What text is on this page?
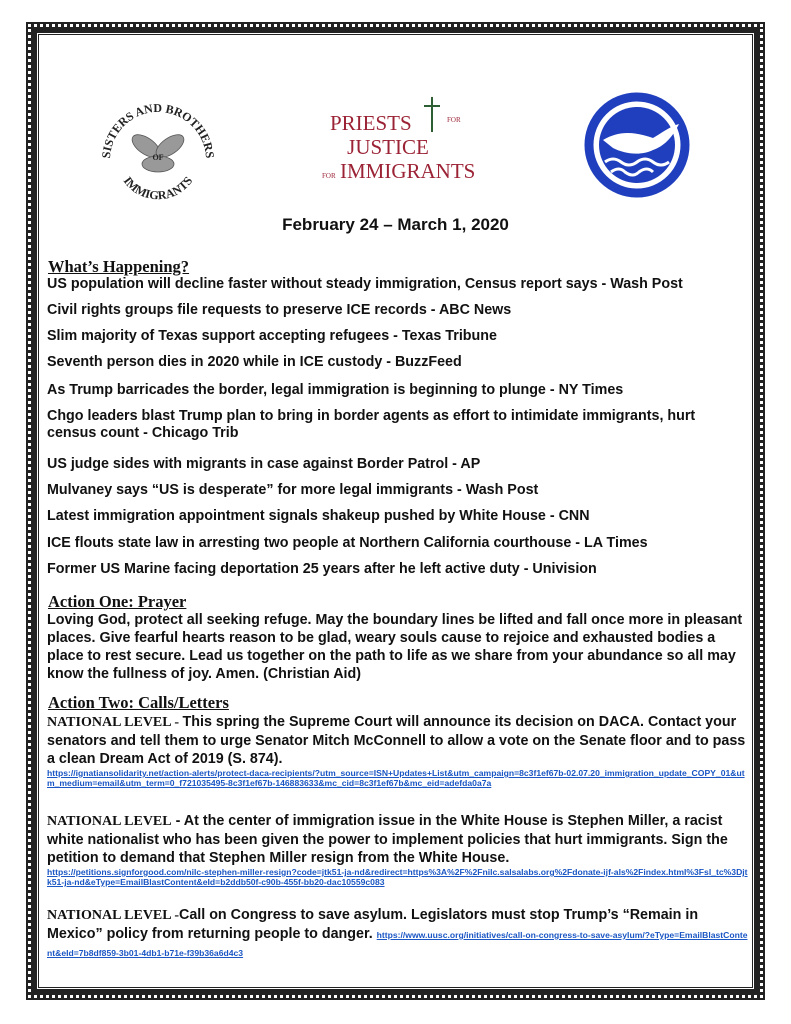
SISTERS AND BROTHERS
IMMIGRANTS
OF
PRIESTS	FOR
JUSTICE
FOR IMMIGRANTS
February 24 – March 1, 2020
What’s Happening?
US population will decline faster without steady immigration, Census report says - Wash Post
Civil rights groups file requests to preserve ICE records - ABC News
Slim majority of Texas support accepting refugees - Texas Tribune
Seventh person dies in 2020 while in ICE custody - BuzzFeed
As Trump barricades the border, legal immigration is beginning to plunge - NY Times
Chgo leaders blast Trump plan to bring in border agents as effort to intimidate immigrants, hurt census count - Chicago Trib
US judge sides with migrants in case against Border Patrol - AP
Mulvaney says “US is desperate” for more legal immigrants - Wash Post
Latest immigration appointment signals shakeup pushed by White House - CNN
ICE flouts state law in arresting two people at Northern California courthouse - LA Times
Former US Marine facing deportation 25 years after he left active duty - Univision
Action One: Prayer
Loving God, protect all seeking refuge. May the boundary lines be lifted and fall once more in pleasant places. Give fearful hearts reason to be glad, weary souls cause to rejoice and exhausted bodies a place to rest secure. Lead us together on the path to life as we share from your abundance so all may know the fullness of joy. Amen. (Christian Aid)
Action Two: Calls/Letters
NATIONAL LEVEL - This spring the Supreme Court will announce its decision on DACA. Contact your senators and tell them to urge Senator Mitch McConnell to allow a vote on the Senate floor and to pass a clean Dream Act of 2019 (S. 874).
https://ignatiansolidarity.net/action-alerts/protect-daca-recipients/?utm_source=ISN+Updates+List&utm_campaign=8c3f1ef67b-02.07.20_immigration_update_COPY_01&utm_medium=email&utm_term=0_f721035495-8c3f1ef67b-146883633&mc_cid=8c3f1ef67b&mc_eid=adefda0a7a
NATIONAL LEVEL - At the center of immigration issue in the White House is Stephen Miller, a racist white nationalist who has been given the power to implement policies that hurt immigrants. Sign the petition to demand that Stephen Miller resign from the White House.
https://petitions.signforgood.com/nilc-stephen-miller-resign?code=jtk51-ja-nd&redirect=https%3A%2F%2Fnilc.salsalabs.org%2Fdonate-ijf-als%2Findex.html%3Fsl_tc%3Djtk51-ja-nd&eType=EmailBlastContent&eId=b2ddb50f-c90b-455f-bb20-dac10559c083
NATIONAL LEVEL -Call on Congress to save asylum. Legislators must stop Trump’s “Remain in Mexico” policy from returning people to danger. https://www.uusc.org/initiatives/call-on-congress-to-save-asylum/?eType=EmailBlastContent&eId=7b8df859-3b01-4db1-b71e-f39b36a6d4c3
